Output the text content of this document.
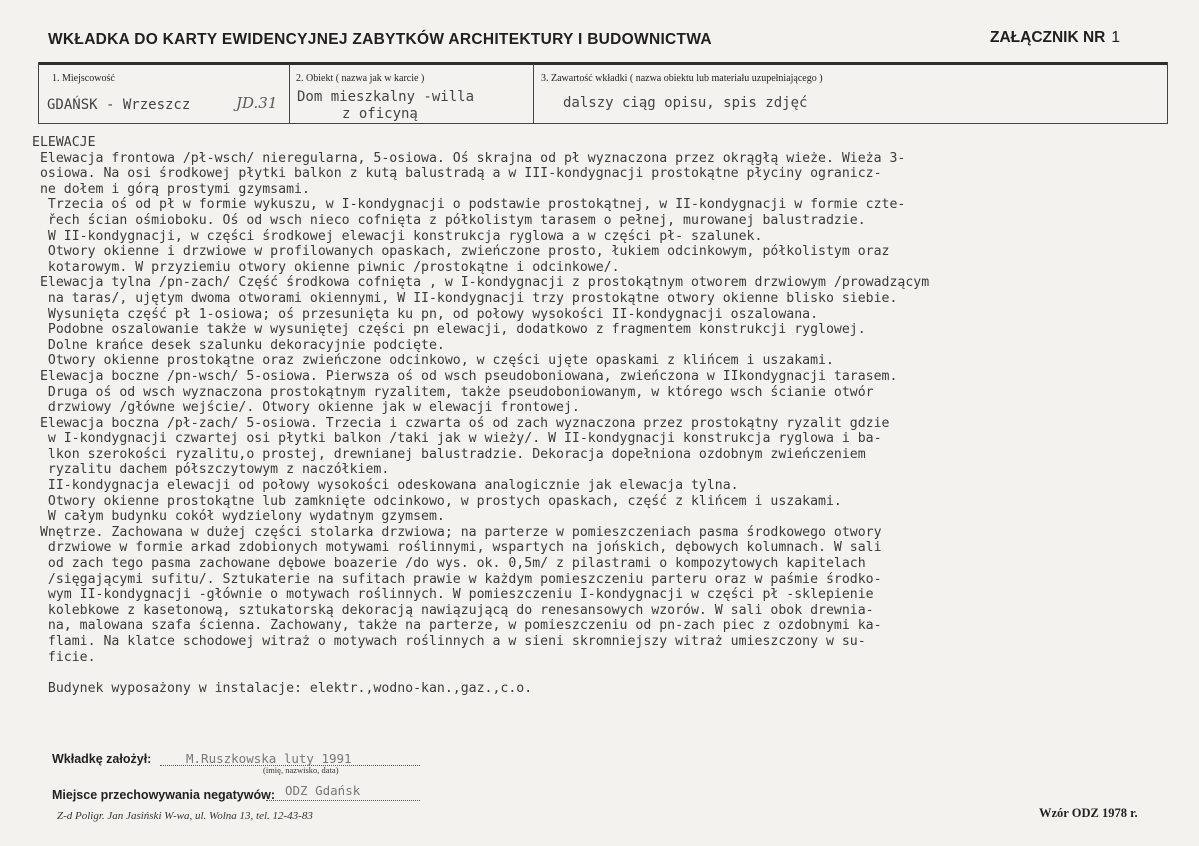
WKŁADKA DO KARTY EWIDENCYJNEJ ZABYTKÓW ARCHITEKTURY I BUDOWNICTWA	ZAŁĄCZNIK NR 1
1. Miejscowość
GDAŃSK - Wrzeszcz	JD.31
2. Obiekt ( nazwa jak w karcie )
Dom mieszkalny -willa
z oficyną
3. Zawartość wkładki ( nazwa obiektu lub materiału uzupełniającego )
dalszy ciąg opisu, spis zdjęć
ELEWACJE
Elewacja frontowa /pł-wsch/ nieregularna, 5-osiowa. Oś skrajna od pł wyznaczona przez okrągłą wieże. Wieża 3-
osiowa. Na osi środkowej płytki balkon z kutą balustradą a w III-kondygnacji prostokątne płyciny ogranicz-
ne dołem i górą prostymi gzymsami.
Trzecia oś od pł w formie wykuszu, w I-kondygnacji o podstawie prostokątnej, w II-kondygnacji w formie czte-
řech ścian ośmioboku. Oś od wsch nieco cofnięta z półkolistym tarasem o pełnej, murowanej balustradzie.
W II-kondygnacji, w części środkowej elewacji konstrukcja ryglowa a w części pł- szalunek.
Otwory okienne i drzwiowe w profilowanych opaskach, zwieńczone prosto, łukiem odcinkowym, półkolistym oraz
kotarowym. W przyziemiu otwory okienne piwnic /prostokątne i odcinkowe/.
Elewacja tylna /pn-zach/ Część środkowa cofnięta , w I-kondygnacji z prostokątnym otworem drzwiowym /prowadzącym
na taras/, ujętym dwoma otworami okiennymi, W II-kondygnacji trzy prostokątne otwory okienne blisko siebie.
Wysunięta część pł 1-osiowa; oś przesunięta ku pn, od połowy wysokości II-kondygnacji oszalowana.
Podobne oszalowanie także w wysuniętej części pn elewacji, dodatkowo z fragmentem konstrukcji ryglowej.
Dolne krańce desek szalunku dekoracyjnie podcięte.
Otwory okienne prostokątne oraz zwieńczone odcinkowo, w części ujęte opaskami z klińcem i uszakami.
Elewacja boczne /pn-wsch/ 5-osiowa. Pierwsza oś od wsch pseudoboniowana, zwieńczona w IIkondygnacji tarasem.
Druga oś od wsch wyznaczona prostokątnym ryzalitem, także pseudoboniowanym, w którego wsch ścianie otwór
drzwiowy /główne wejście/. Otwory okienne jak w elewacji frontowej.
Elewacja boczna /pł-zach/ 5-osiowa. Trzecia i czwarta oś od zach wyznaczona przez prostokątny ryzalit gdzie
w I-kondygnacji czwartej osi płytki balkon /taki jak w wieży/. W II-kondygnacji konstrukcja ryglowa i ba-
lkon szerokości ryzalitu,o prostej, drewnianej balustradzie. Dekoracja dopełniona ozdobnym zwieńczeniem
ryzalitu dachem półszczytowym z naczółkiem.
II-kondygnacja elewacji od połowy wysokości odeskowana analogicznie jak elewacja tylna.
Otwory okienne prostokątne lub zamknięte odcinkowo, w prostych opaskach, część z klińcem i uszakami.
W całym budynku cokół wydzielony wydatnym gzymsem.
Wnętrze. Zachowana w dużej części stolarka drzwiowa; na parterze w pomieszczeniach pasma środkowego otwory
drzwiowe w formie arkad zdobionych motywami roślinnymi, wspartych na jońskich, dębowych kolumnach. W sali
od zach tego pasma zachowane dębowe boazerie /do wys. ok. 0,5m/ z pilastrami o kompozytowych kapitelach
/sięgającymi sufitu/. Sztukaterie na sufitach prawie w każdym pomieszczeniu parteru oraz w paśmie środko-
wym II-kondygnacji -głównie o motywach roślinnych. W pomieszczeniu I-kondygnacji w części pł -sklepienie
kolebkowe z kasetonową, sztukatorską dekoracją nawiązującą do renesansowych wzorów. W sali obok drewnia-
na, malowana szafa ścienna. Zachowany, także na parterze, w pomieszczeniu od pn-zach piec z ozdobnymi ka-
flami. Na klatce schodowej witraż o motywach roślinnych a w sieni skromniejszy witraż umieszczony w su-
ficie.
Budynek wyposażony w instalacje: elektr.,wodno-kan.,gaz.,c.o.
Wkładkę założył:	M.Ruszkowska luty 1991
(imię, nazwisko, data)
Miejsce przechowywania negatywów: ODZ Gdańsk
Z-d Poligr. Jan Jasiński W-wa, ul. Wolna 13, tel. 12-43-83	Wzór ODZ 1978 r.
